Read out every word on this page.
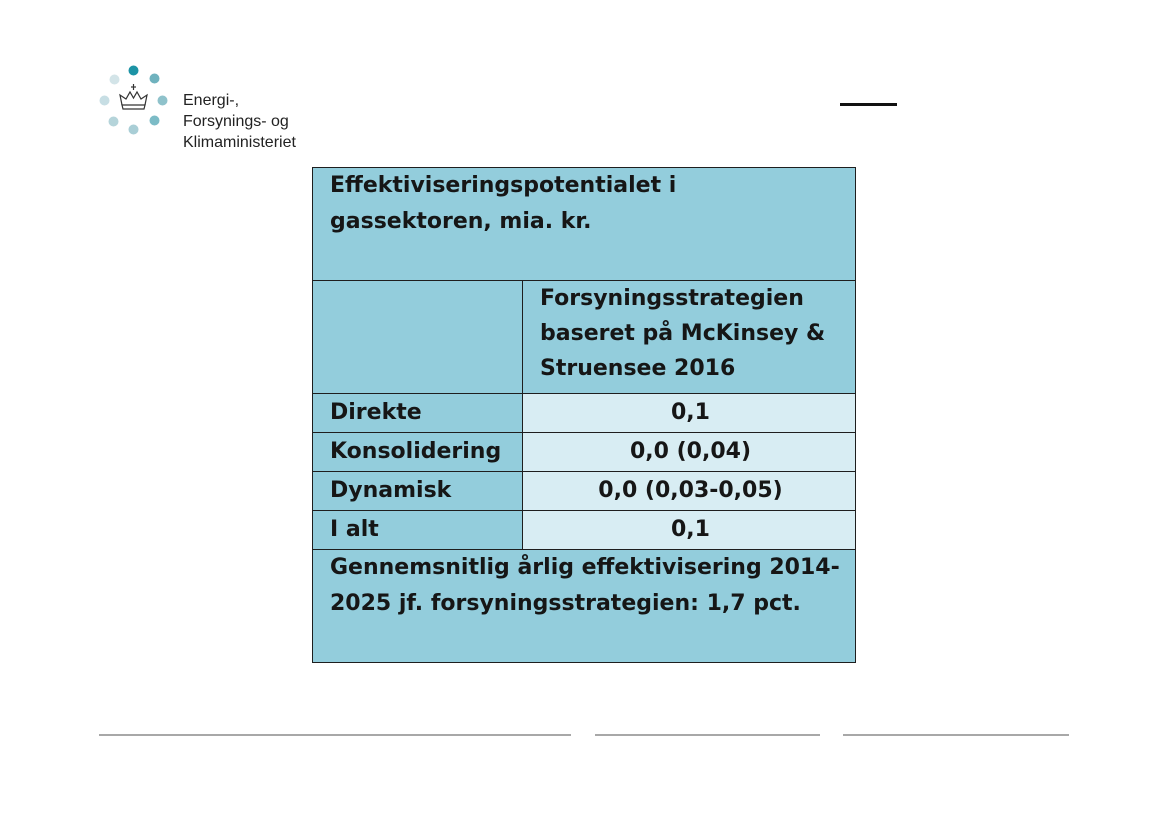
Energi-,
Forsynings- og
Klimaministeriet
Effektiviseringspotentialet i gassektoren, mia. kr.	
	Forsyningsstrategien baseret på McKinsey & Struensee 2016
Direkte	0,1
Konsolidering	0,0 (0,04)
Dynamisk	0,0 (0,03-0,05)
I alt	0,1
Gennemsnitlig årlig effektivisering 2014-2025 jf. forsyningsstrategien: 1,7 pct.	
